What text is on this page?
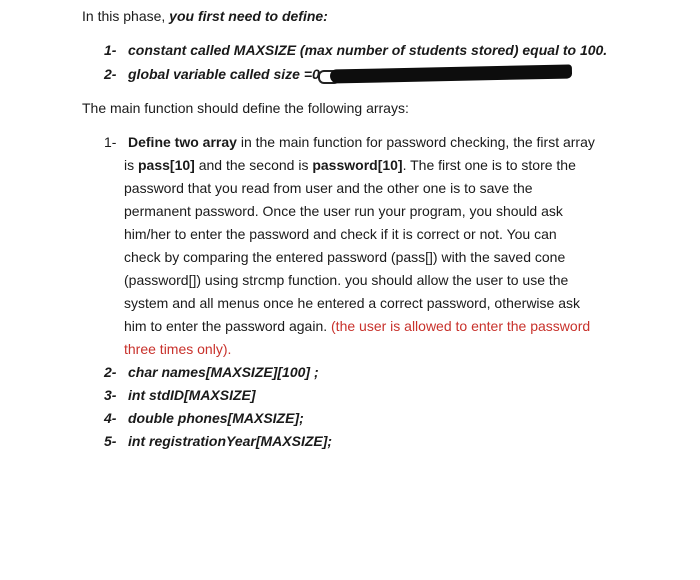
In this phase, you first need to define:
1- constant called MAXSIZE (max number of students stored) equal to 100.
2- global variable called size =0
The main function should define the following arrays:
1- Define two array in the main function for password checking, the first array
is pass[10] and the second is password[10]. The first one is to store the
password that you read from user and the other one is to save the
permanent password. Once the user run your program, you should ask
him/her to enter the password and check if it is correct or not. You can
check by comparing the entered password (pass[]) with the saved cone
(password[]) using strcmp function. you should allow the user to use the
system and all menus once he entered a correct password, otherwise ask
him to enter the password again. (the user is allowed to enter the password
three times only).
2- char names[MAXSIZE][100] ;
3- int stdID[MAXSIZE]
4- double phones[MAXSIZE];
5- int registrationYear[MAXSIZE];
